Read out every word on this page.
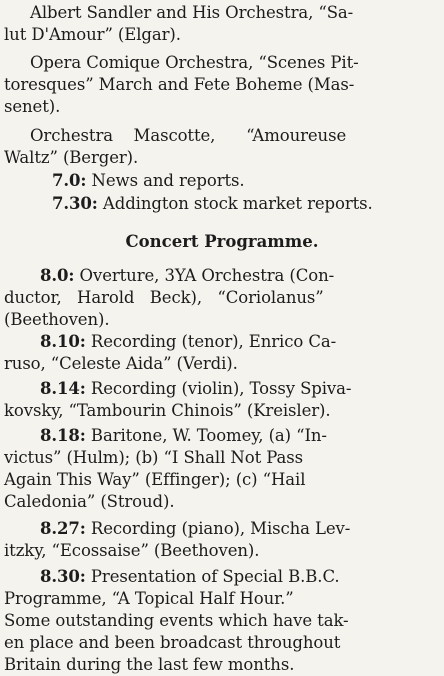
Albert Sandler and His Orchestra, “Sa-
lut D'Amour” (Elgar).
Opera Comique Orchestra, “Scenes Pit-
toresques” March and Fete Boheme (Mas-
senet).
Orchestra    Mascotte,      “Amoureuse
Waltz” (Berger).
7.0: News and reports.
7.30: Addington stock market reports.
Concert Programme.
8.0: Overture, 3YA Orchestra (Con-
ductor,   Harold   Beck),   “Coriolanus”
(Beethoven).
8.10: Recording (tenor), Enrico Ca-
ruso, “Celeste Aida” (Verdi).
8.14: Recording (violin), Tossy Spiva-
kovsky, “Tambourin Chinois” (Kreisler).
8.18: Baritone, W. Toomey, (a) “In-
victus” (Hulm); (b) “I Shall Not Pass
Again This Way” (Effinger); (c) “Hail
Caledonia” (Stroud).
8.27: Recording (piano), Mischa Lev-
itzky, “Ecossaise” (Beethoven).
8.30: Presentation of Special B.B.C.
Programme, “A Topical Half Hour.”
Some outstanding events which have tak-
en place and been broadcast throughout
Britain during the last few months.
